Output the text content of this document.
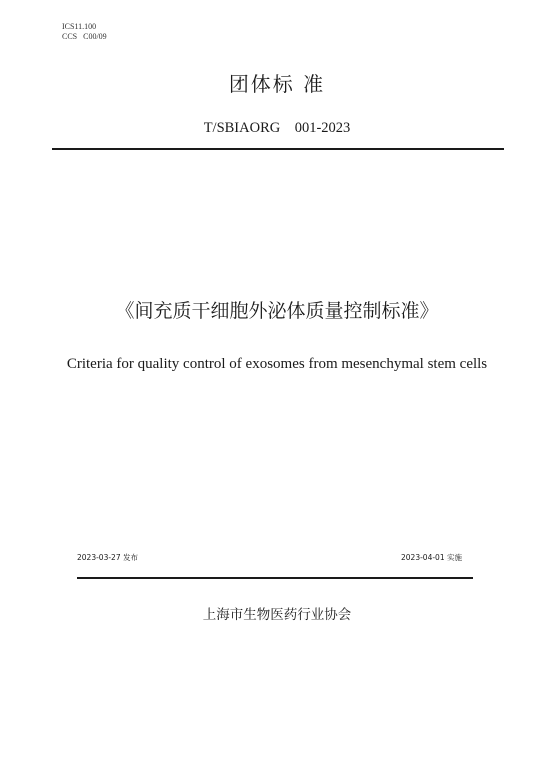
ICS11.100
CCS   C00/09
团体标 准
T/SBIAORG    001-2023
《间充质干细胞外泌体质量控制标准》
Criteria for quality control of exosomes from mesenchymal stem cells
2023-03-27 发布	2023-04-01 实施
上海市生物医药行业协会
